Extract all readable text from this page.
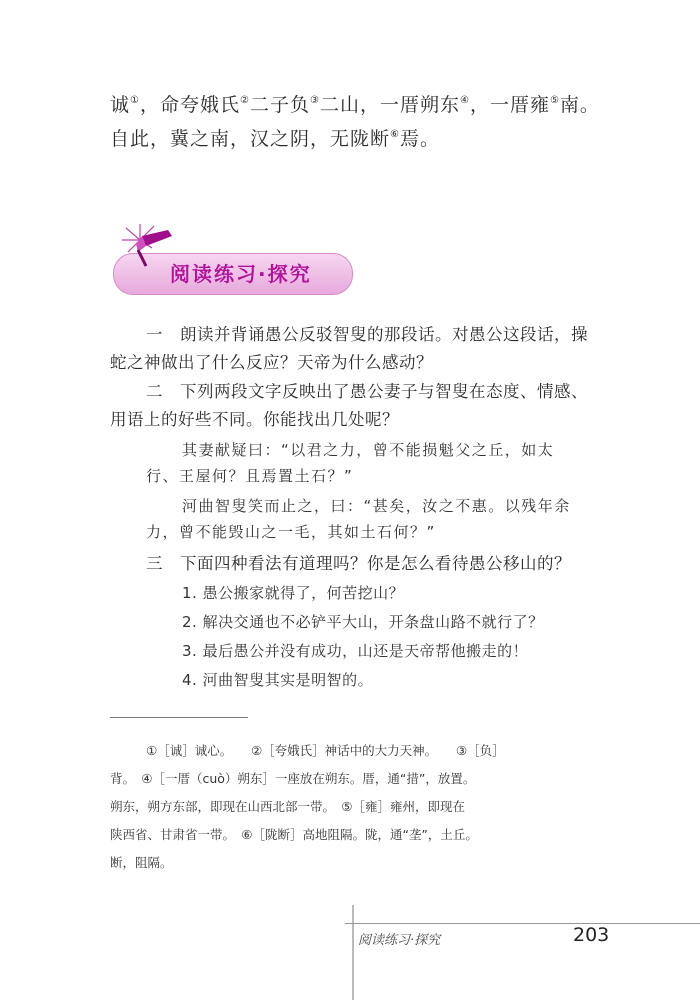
诚①，命夸娥氏②二子负③二山，一厝朔东④，一厝雍⑤南。
自此，冀之南，汉之阴，无陇断⑥焉。
阅读练习·探究
一　朗读并背诵愚公反驳智叟的那段话。对愚公这段话，操
蛇之神做出了什么反应？天帝为什么感动？
二　下列两段文字反映出了愚公妻子与智叟在态度、情感、
用语上的好些不同。你能找出几处呢？
其妻献疑曰：“以君之力，曾不能损魁父之丘，如太
行、王屋何？且焉置土石？”
河曲智叟笑而止之，曰：“甚矣，汝之不惠。以残年余
力，曾不能毁山之一毛，其如土石何？”
三　下面四种看法有道理吗？你是怎么看待愚公移山的？
1. 愚公搬家就得了，何苦挖山？
2. 解决交通也不必铲平大山，开条盘山路不就行了？
3. 最后愚公并没有成功，山还是天帝帮他搬走的！
4. 河曲智叟其实是明智的。
①［诚］诚心。　　②［夸娥氏］神话中的大力天神。　　③［负］
背。　④［一厝（cuò）朔东］一座放在朔东。厝，通“措”，放置。
朔东，朔方东部，即现在山西北部一带。　⑤［雍］雍州，即现在
陕西省、甘肃省一带。　⑥［陇断］高地阻隔。陇，通“垄”，土丘。
断，阻隔。
阅读练习·探究	203
